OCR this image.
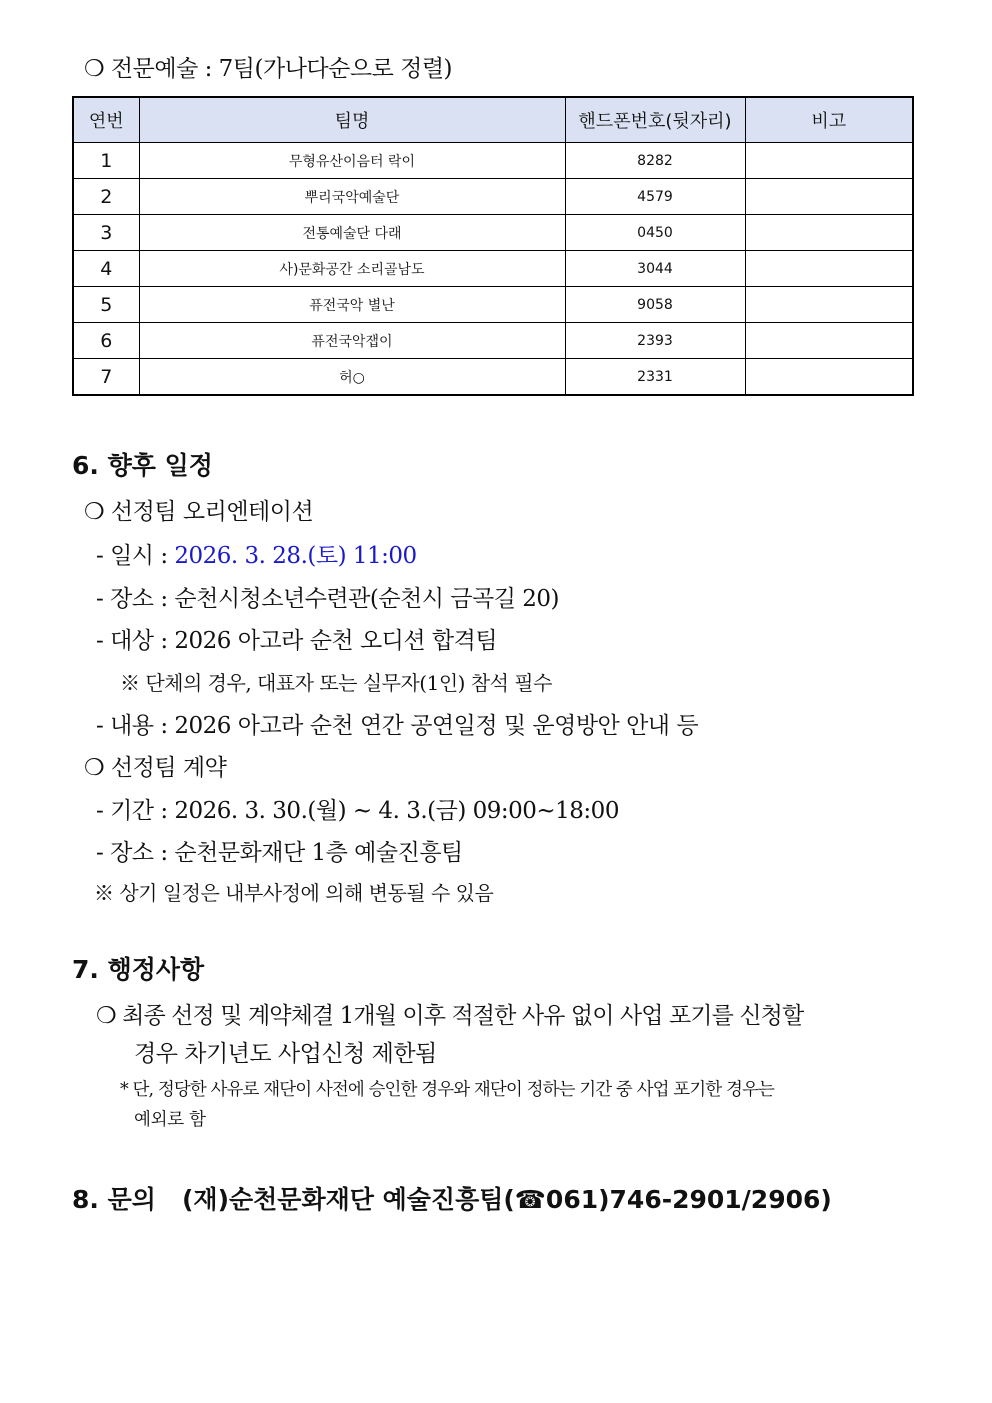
❍ 전문예술 : 7팀(가나다순으로 정렬)
연번	팀명	핸드폰번호(뒷자리)	비고
1	무형유산이음터 락이	8282	
2	뿌리국악예술단	4579	
3	전통예술단 다래	0450	
4	사)문화공간 소리골남도	3044	
5	퓨전국악 별난	9058	
6	퓨전국악잽이	2393	
7	허○	2331	
6. 향후 일정
❍ 선정팀 오리엔테이션
- 일시 : 2026. 3. 28.(토) 11:00
- 장소 : 순천시청소년수련관(순천시 금곡길 20)
- 대상 : 2026 아고라 순천 오디션 합격팀
※ 단체의 경우, 대표자 또는 실무자(1인) 참석 필수
- 내용 : 2026 아고라 순천 연간 공연일정 및 운영방안 안내 등
❍ 선정팀 계약
- 기간 : 2026. 3. 30.(월) ~ 4. 3.(금) 09:00~18:00
- 장소 : 순천문화재단 1층 예술진흥팀
※ 상기 일정은 내부사정에 의해 변동될 수 있음
7. 행정사항
❍ 최종 선정 및 계약체결 1개월 이후 적절한 사유 없이 사업 포기를 신청할
경우 차기년도 사업신청 제한됨
* 단, 정당한 사유로 재단이 사전에 승인한 경우와 재단이 정하는 기간 중 사업 포기한 경우는
예외로 함
8. 문의   (재)순천문화재단 예술진흥팀(☎061)746-2901/2906)
